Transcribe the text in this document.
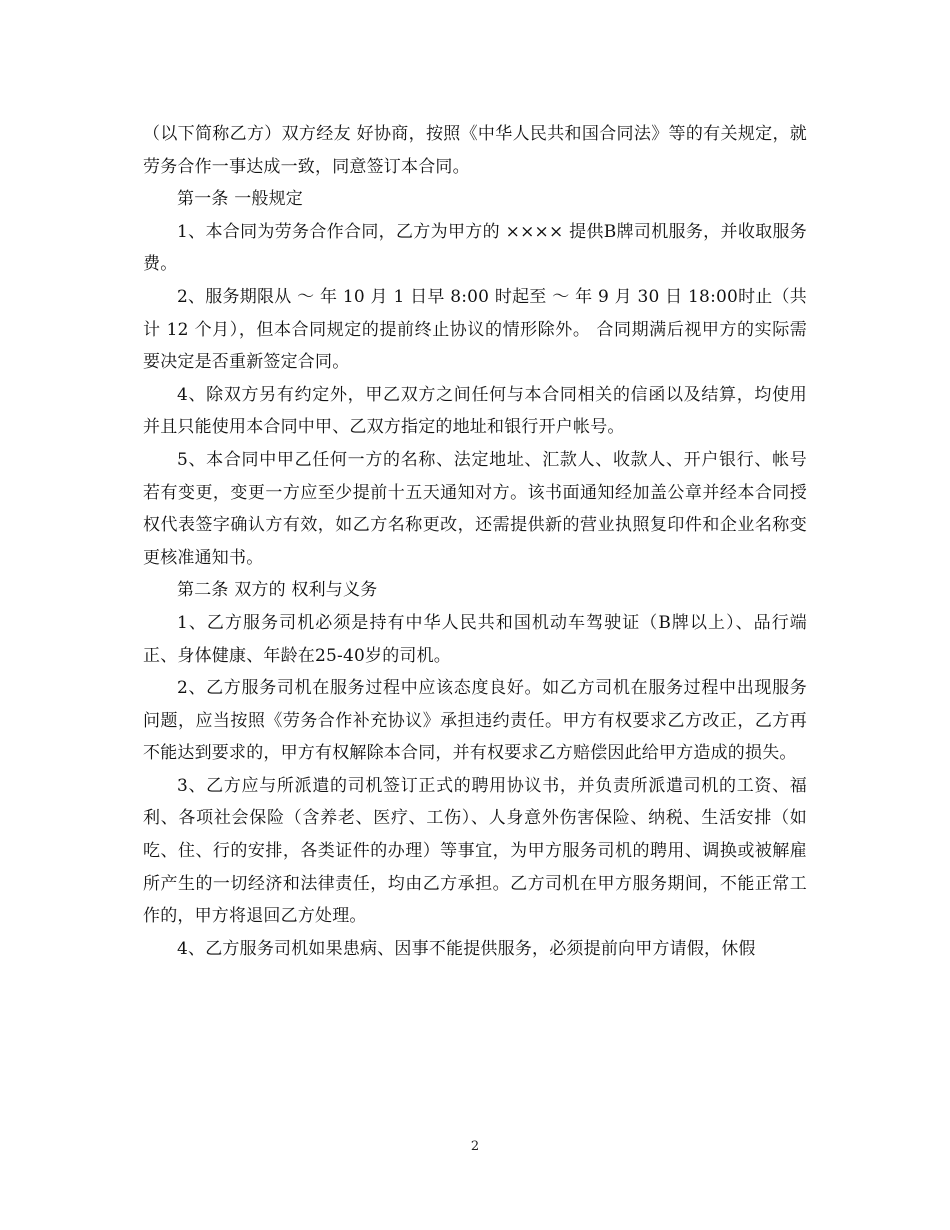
（以下简称乙方）双方经友 好协商，按照《中华人民共和国合同法》等的有关规定，就劳务合作一事达成一致，同意签订本合同。

第一条 一般规定

1、本合同为劳务合作合同，乙方为甲方的 ×××× 提供B牌司机服务，并收取服务费。

2、服务期限从 ～ 年 10 月 1 日早 8:00 时起至 ～ 年 9 月 30 日 18:00时止（共计 12 个月），但本合同规定的提前终止协议的情形除外。 合同期满后视甲方的实际需要决定是否重新签定合同。

4、除双方另有约定外，甲乙双方之间任何与本合同相关的信函以及结算，均使用并且只能使用本合同中甲、乙双方指定的地址和银行开户帐号。

5、本合同中甲乙任何一方的名称、法定地址、汇款人、收款人、开户银行、帐号若有变更，变更一方应至少提前十五天通知对方。该书面通知经加盖公章并经本合同授权代表签字确认方有效，如乙方名称更改，还需提供新的营业执照复印件和企业名称变更核准通知书。

第二条 双方的 权利与义务

1、乙方服务司机必须是持有中华人民共和国机动车驾驶证（B牌以上）、品行端正、身体健康、年龄在25-40岁的司机。

2、乙方服务司机在服务过程中应该态度良好。如乙方司机在服务过程中出现服务问题，应当按照《劳务合作补充协议》承担违约责任。甲方有权要求乙方改正，乙方再不能达到要求的，甲方有权解除本合同，并有权要求乙方赔偿因此给甲方造成的损失。

3、乙方应与所派遣的司机签订正式的聘用协议书，并负责所派遣司机的工资、福利、各项社会保险（含养老、医疗、工伤）、人身意外伤害保险、纳税、生活安排（如吃、住、行的安排，各类证件的办理）等事宜，为甲方服务司机的聘用、调换或被解雇所产生的一切经济和法律责任，均由乙方承担。乙方司机在甲方服务期间，不能正常工作的，甲方将退回乙方处理。

4、乙方服务司机如果患病、因事不能提供服务，必须提前向甲方请假，休假

2
